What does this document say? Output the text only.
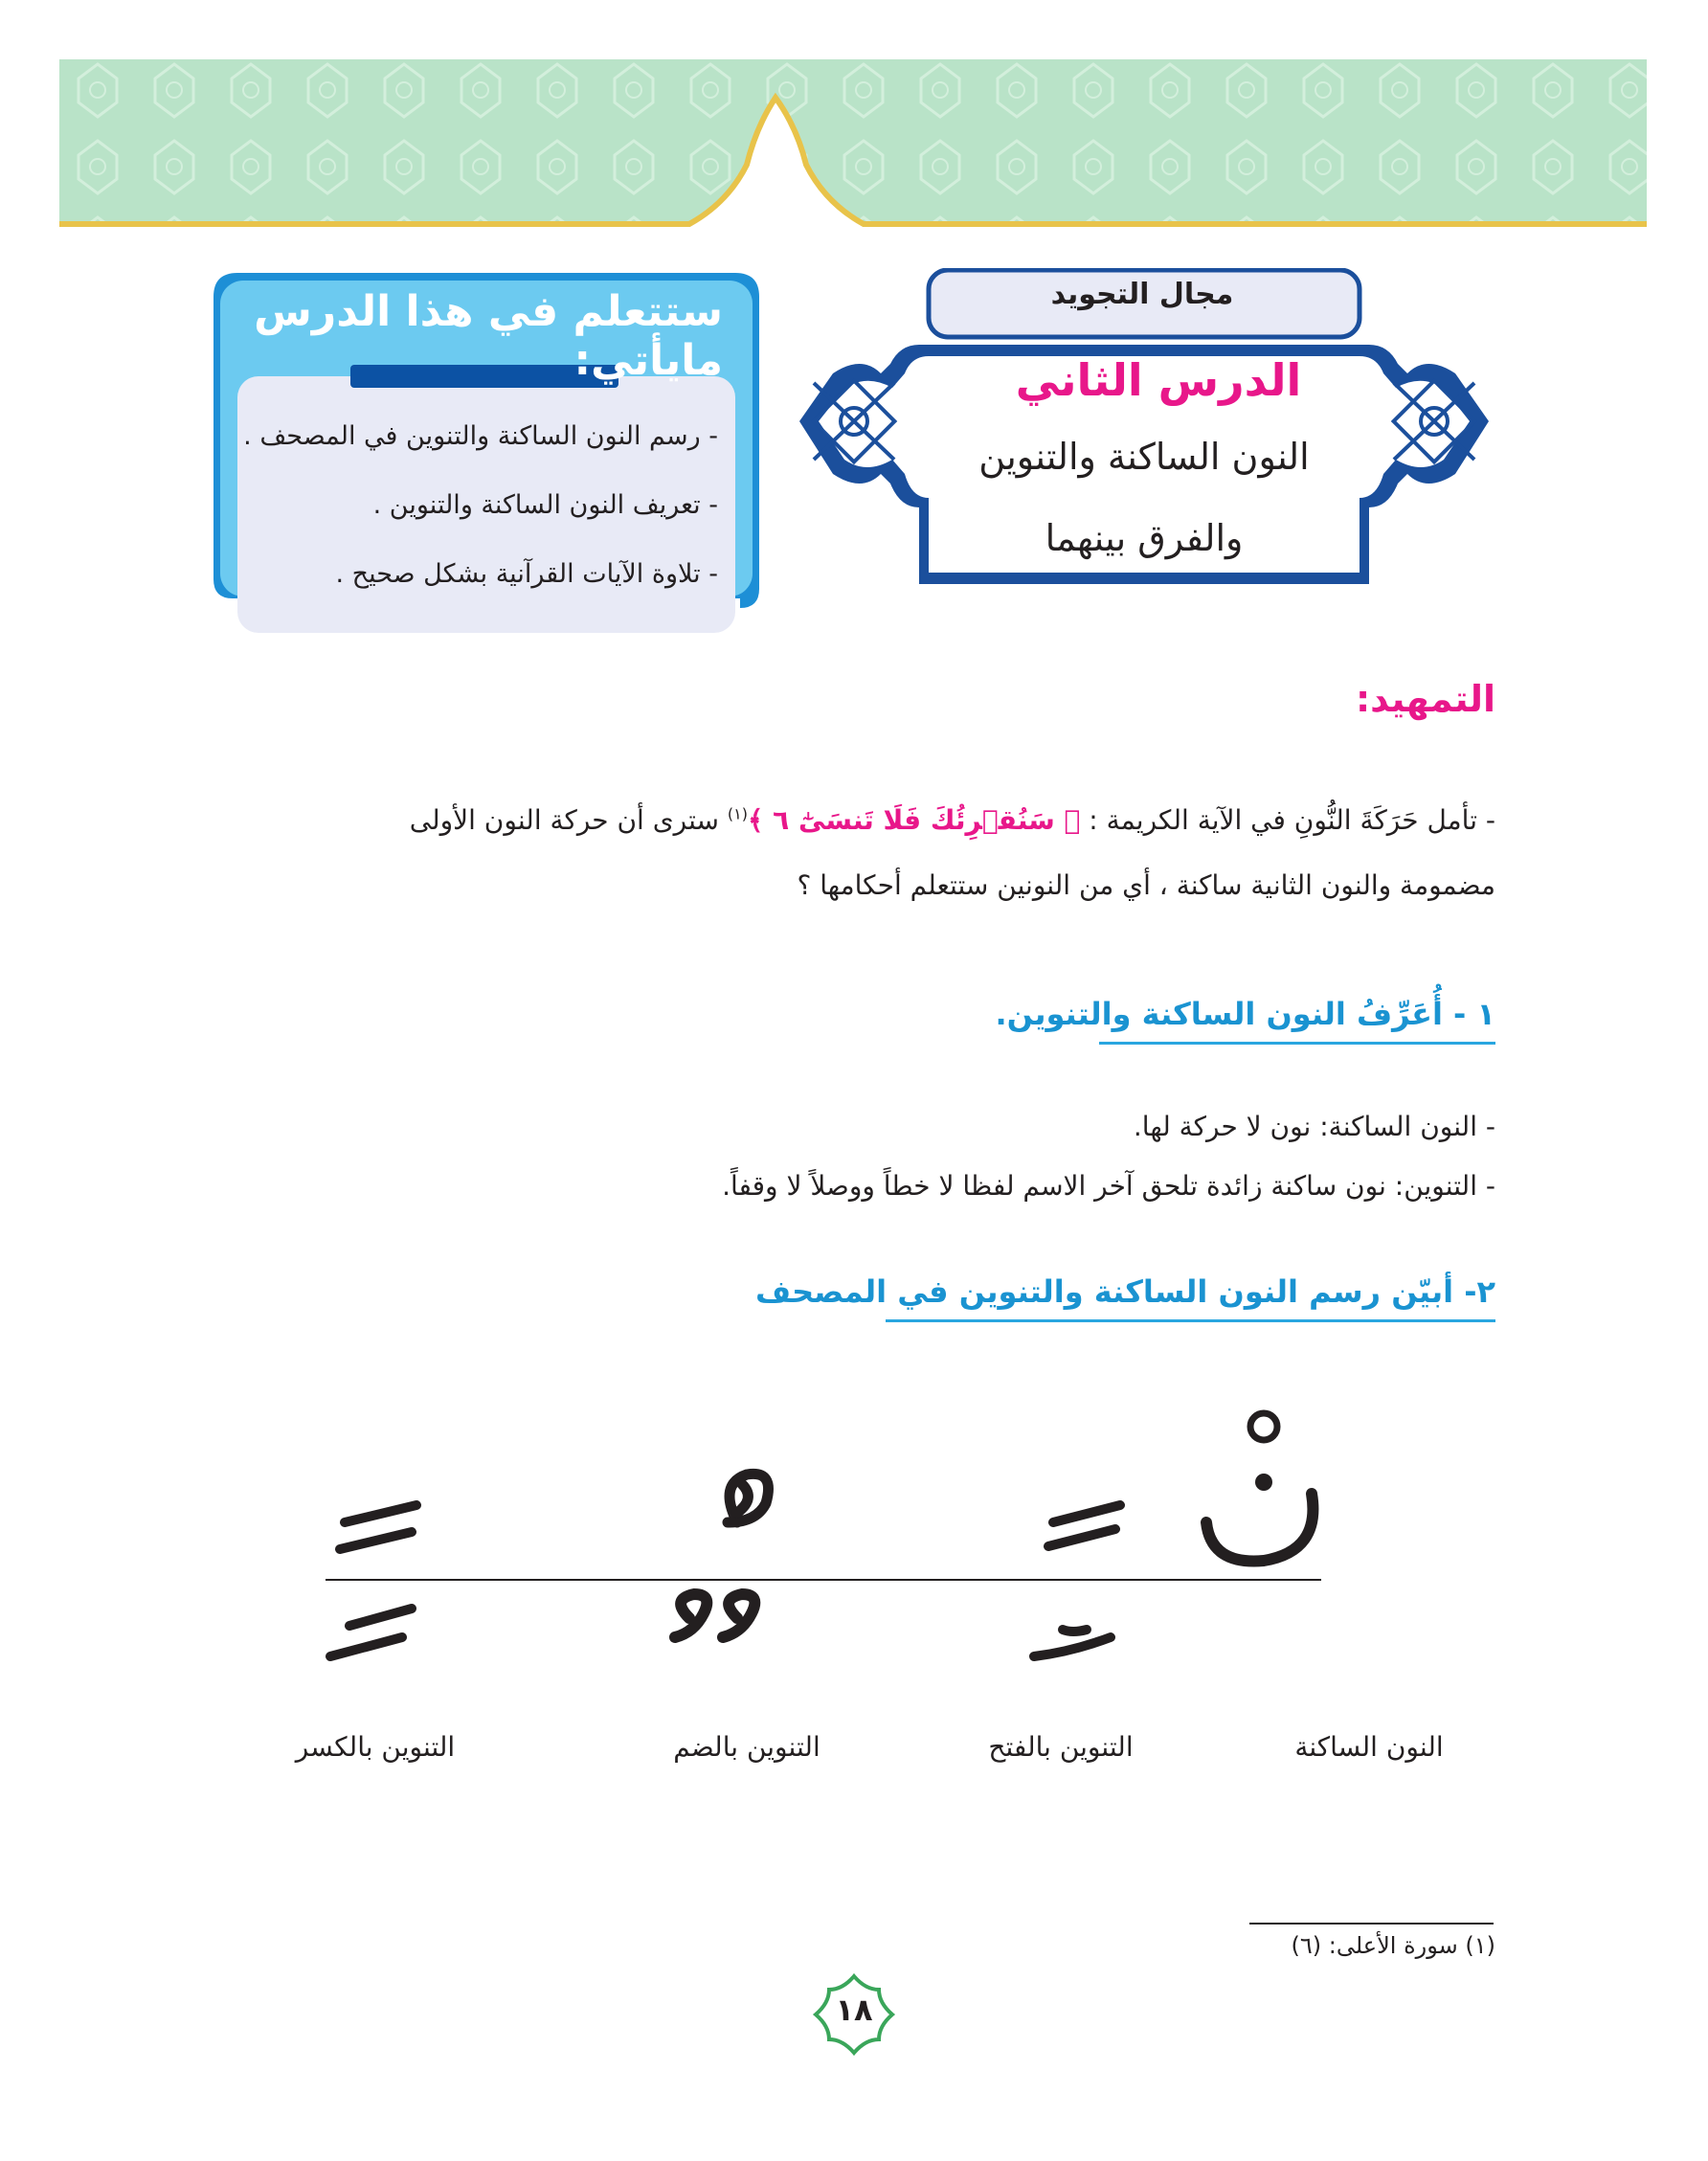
ستتعلم في هذا الدرس مايأتي:
- رسم النون الساكنة والتنوين في المصحف .
- تعريف النون الساكنة والتنوين .
- تلاوة الآيات القرآنية بشكل صحيح .
مجال التجويد
الدرس الثاني
النون الساكنة والتنوين
والفرق بينهما
التمهيد:
- تأمل حَرَكَةَ النُّونِ في الآية الكريمة : ﴿ سَنُقۡرِئُكَ فَلَا تَنسَىٰٓ ٦ ﴾$^{(١)}$ سترى أن حركة النون الأولى
مضمومة والنون الثانية ساكنة ، أي من النونين ستتعلم أحكامها ؟
١ - أُعَرِّفُ النون الساكنة والتنوين.
- النون الساكنة: نون لا حركة لها.
- التنوين: نون ساكنة زائدة تلحق آخر الاسم لفظا لا خطاً ووصلاً لا وقفاً.
٢- أبيّن رسم النون الساكنة والتنوين في المصحف
النون الساكنة
التنوين بالفتح
التنوين بالضم
التنوين بالكسر
(١) سورة الأعلى: (٦)
١٨
